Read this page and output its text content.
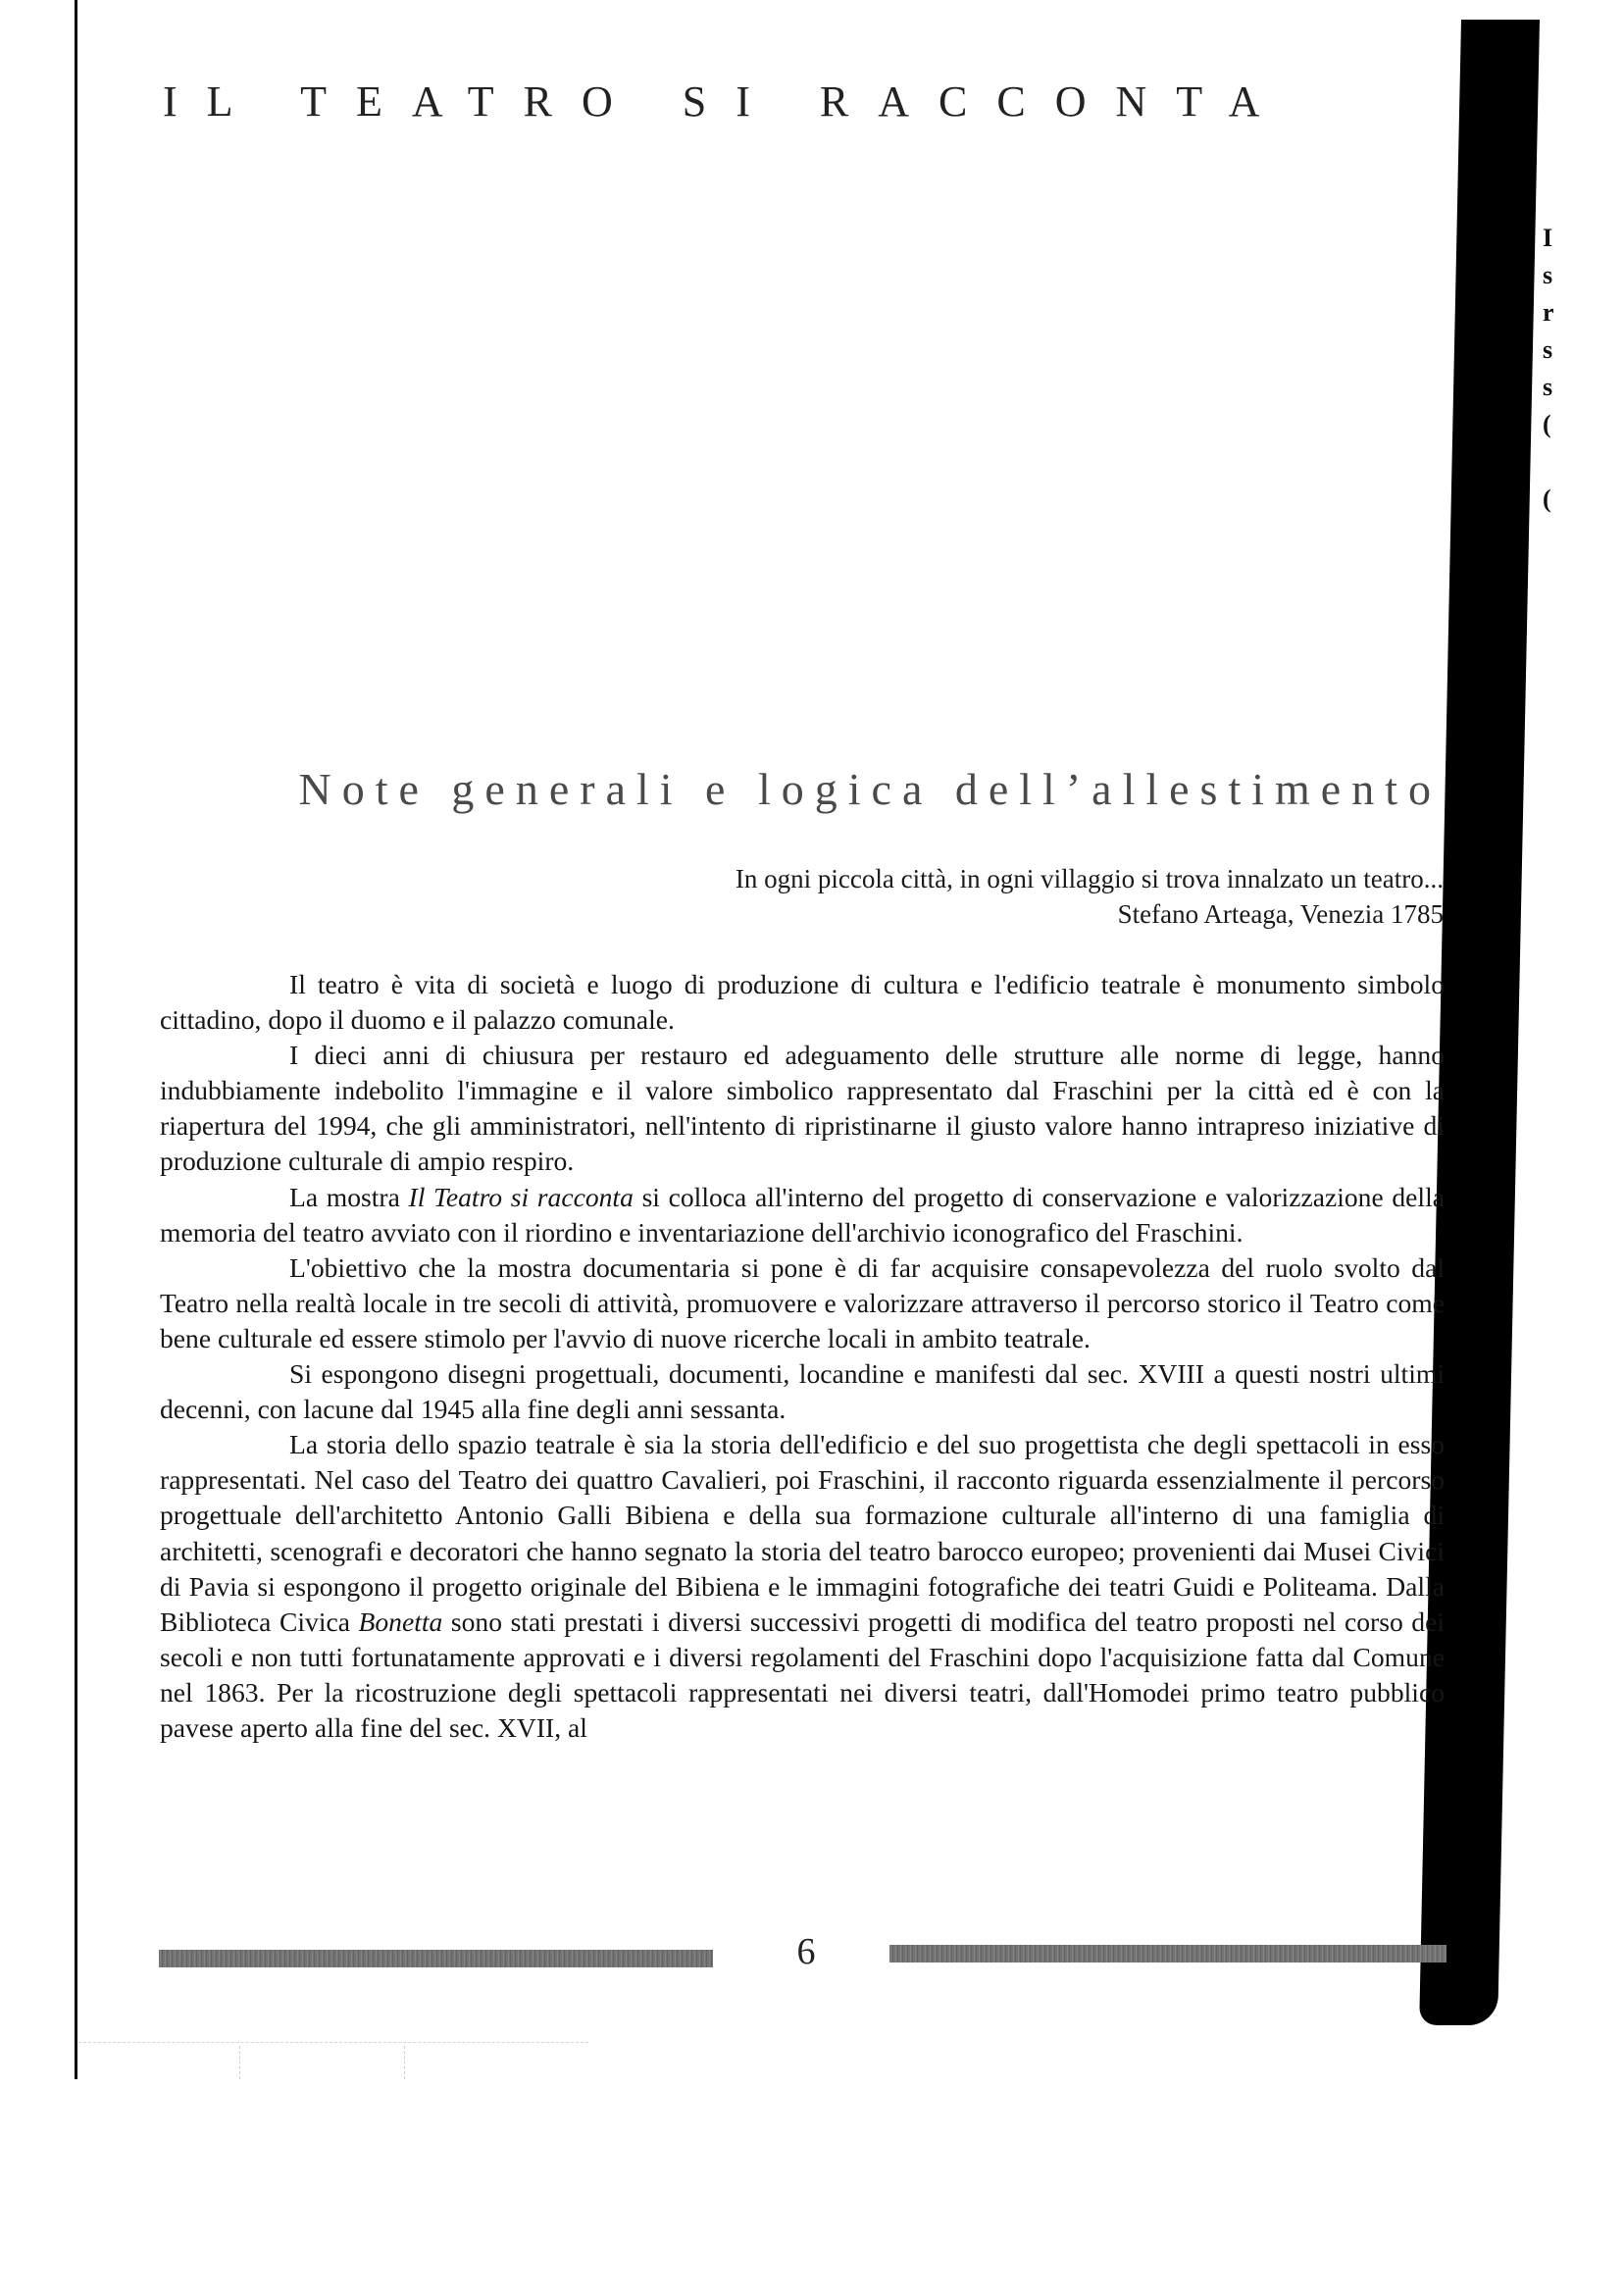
I
s
r
s
s
(

(
IL TEATRO SI RACCONTA
Note generali e logica dell’allestimento
In ogni piccola città, in ogni villaggio si trova innalzato un teatro...
Stefano Arteaga, Venezia 1785

Il teatro è vita di società e luogo di produzione di cultura e l'edificio teatrale è monumento simbolo cittadino, dopo il duomo e il palazzo comunale.

I dieci anni di chiusura per restauro ed adeguamento delle strutture alle norme di legge, hanno indubbiamente indebolito l'immagine e il valore simbolico rappresentato dal Fraschini per la città ed è con la riapertura del 1994, che gli amministratori, nell'intento di ripristinarne il giusto valore hanno intrapreso iniziative di produzione culturale di ampio respiro.

La mostra Il Teatro si racconta si colloca all'interno del progetto di conservazione e valorizzazione della memoria del teatro avviato con il riordino e inventariazione dell'archivio iconografico del Fraschini.

L'obiettivo che la mostra documentaria si pone è di far acquisire consapevolezza del ruolo svolto dal Teatro nella realtà locale in tre secoli di attività, promuovere e valorizzare attraverso il percorso storico il Teatro come bene culturale ed essere stimolo per l'avvio di nuove ricerche locali in ambito teatrale.

Si espongono disegni progettuali, documenti, locandine e manifesti dal sec. XVIII a questi nostri ultimi decenni, con lacune dal 1945 alla fine degli anni sessanta.

La storia dello spazio teatrale è sia la storia dell'edificio e del suo progettista che degli spettacoli in esso rappresentati. Nel caso del Teatro dei quattro Cavalieri, poi Fraschini, il racconto riguarda essenzialmente il percorso progettuale dell'architetto Antonio Galli Bibiena e della sua formazione culturale all'interno di una famiglia di architetti, scenografi e decoratori che hanno segnato la storia del teatro barocco europeo; provenienti dai Musei Civici di Pavia si espongono il progetto originale del Bibiena e le immagini fotografiche dei teatri Guidi e Politeama. Dalla Biblioteca Civica Bonetta sono stati prestati i diversi successivi progetti di modifica del teatro proposti nel corso dei secoli e non tutti fortunatamente approvati e i diversi regolamenti del Fraschini dopo l'acquisizione fatta dal Comune nel 1863. Per la ricostruzione degli spettacoli rappresentati nei diversi teatri, dall'Homodei primo teatro pubblico pavese aperto alla fine del sec. XVII, al

6
